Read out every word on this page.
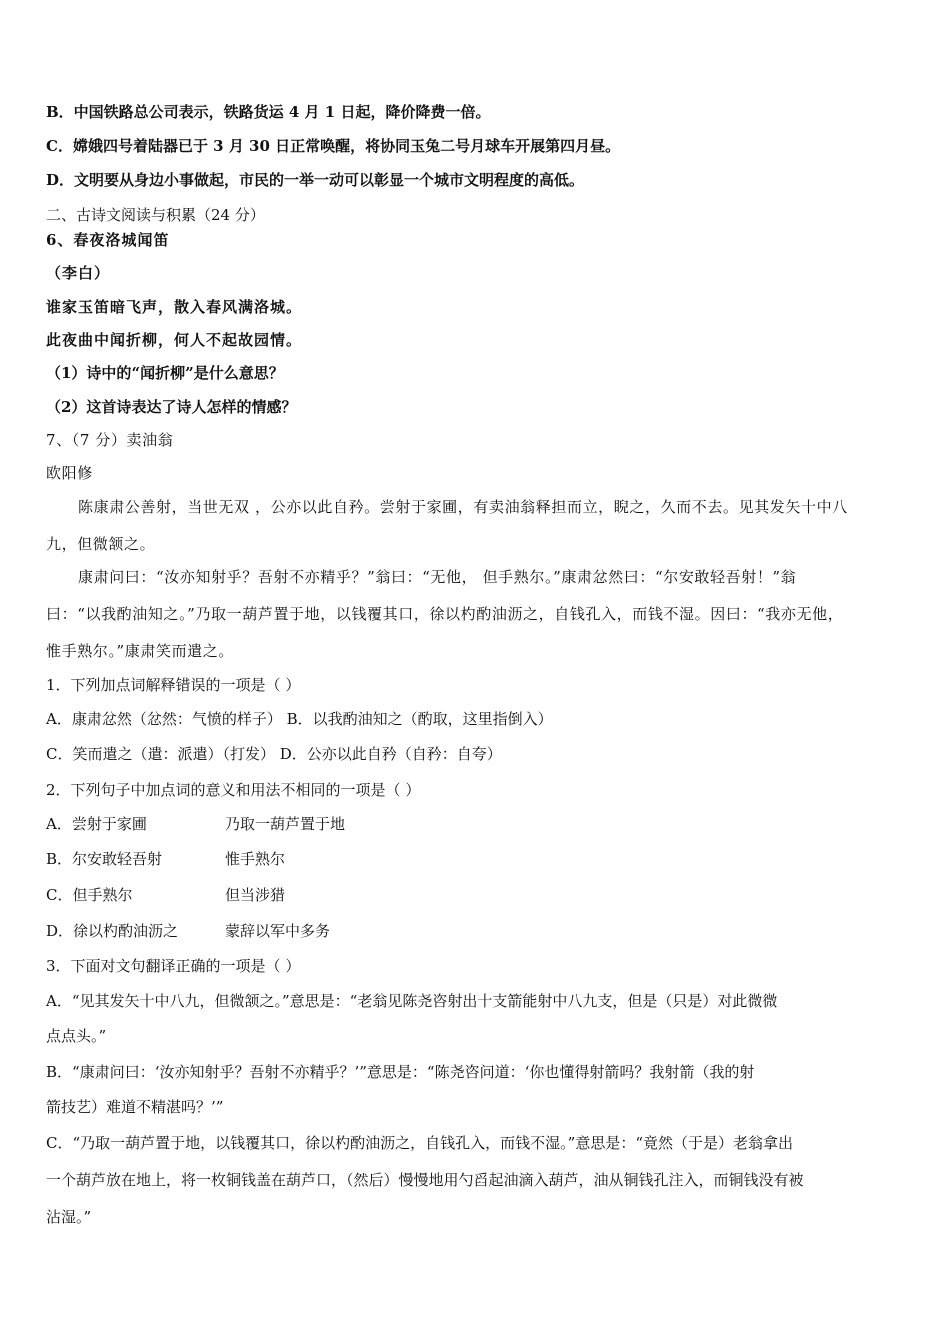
B．中国铁路总公司表示，铁路货运 4 月 1 日起，降价降费一倍。
C．嫦娥四号着陆器已于 3 月 30 日正常唤醒，将协同玉兔二号月球车开展第四月昼。
D．文明要从身边小事做起，市民的一举一动可以彰显一个城市文明程度的高低。
二、古诗文阅读与积累（24 分）
6、春夜洛城闻笛
（李白）
谁家玉笛暗飞声，散入春风满洛城。
此夜曲中闻折柳，何人不起故园情。
（1）诗中的“闻折柳”是什么意思？
（2）这首诗表达了诗人怎样的情感？
7、（7 分）卖油翁
欧阳修
陈康肃公善射，当世无双 ，公亦以此自矜。尝射于家圃，有卖油翁释担而立，睨之，久而不去。见其发矢十中八
九，但微颔之。
康肃问曰：“汝亦知射乎？吾射不亦精乎？”翁曰：“无他， 但手熟尔。”康肃忿然曰：“尔安敢轻吾射！”翁
曰：“以我酌油知之。”乃取一葫芦置于地，以钱覆其口，徐以杓酌油沥之，自钱孔入，而钱不湿。因曰：“我亦无他，
惟手熟尔。”康肃笑而遣之。
1．下列加点词解释错误的一项是（ ）
A．康肃忿然（忿然：气愤的样子） B．以我酌油知之（酌取，这里指倒入）
C．笑而遣之（遣：派遣）（打发） D．公亦以此自矜（自矜：自夸）
2．下列句子中加点词的意义和用法不相同的一项是（ ）
A．尝射于家圃	乃取一葫芦置于地
B．尔安敢轻吾射	惟手熟尔
C．但手熟尔	但当涉猎
D．徐以杓酌油沥之	蒙辞以军中多务
3．下面对文句翻译正确的一项是（ ）
A．“见其发矢十中八九，但微颔之。”意思是：“老翁见陈尧咨射出十支箭能射中八九支，但是（只是）对此微微
点点头。”
B．“康肃问曰：‘汝亦知射乎？吾射不亦精乎？’”意思是：“陈尧咨问道：‘你也懂得射箭吗？我射箭（我的射
箭技艺）难道不精湛吗？’”
C．“乃取一葫芦置于地，以钱覆其口，徐以杓酌油沥之，自钱孔入，而钱不湿。”意思是：“竟然（于是）老翁拿出
一个葫芦放在地上，将一枚铜钱盖在葫芦口，（然后）慢慢地用勺舀起油滴入葫芦，油从铜钱孔注入，而铜钱没有被
沾湿。”
